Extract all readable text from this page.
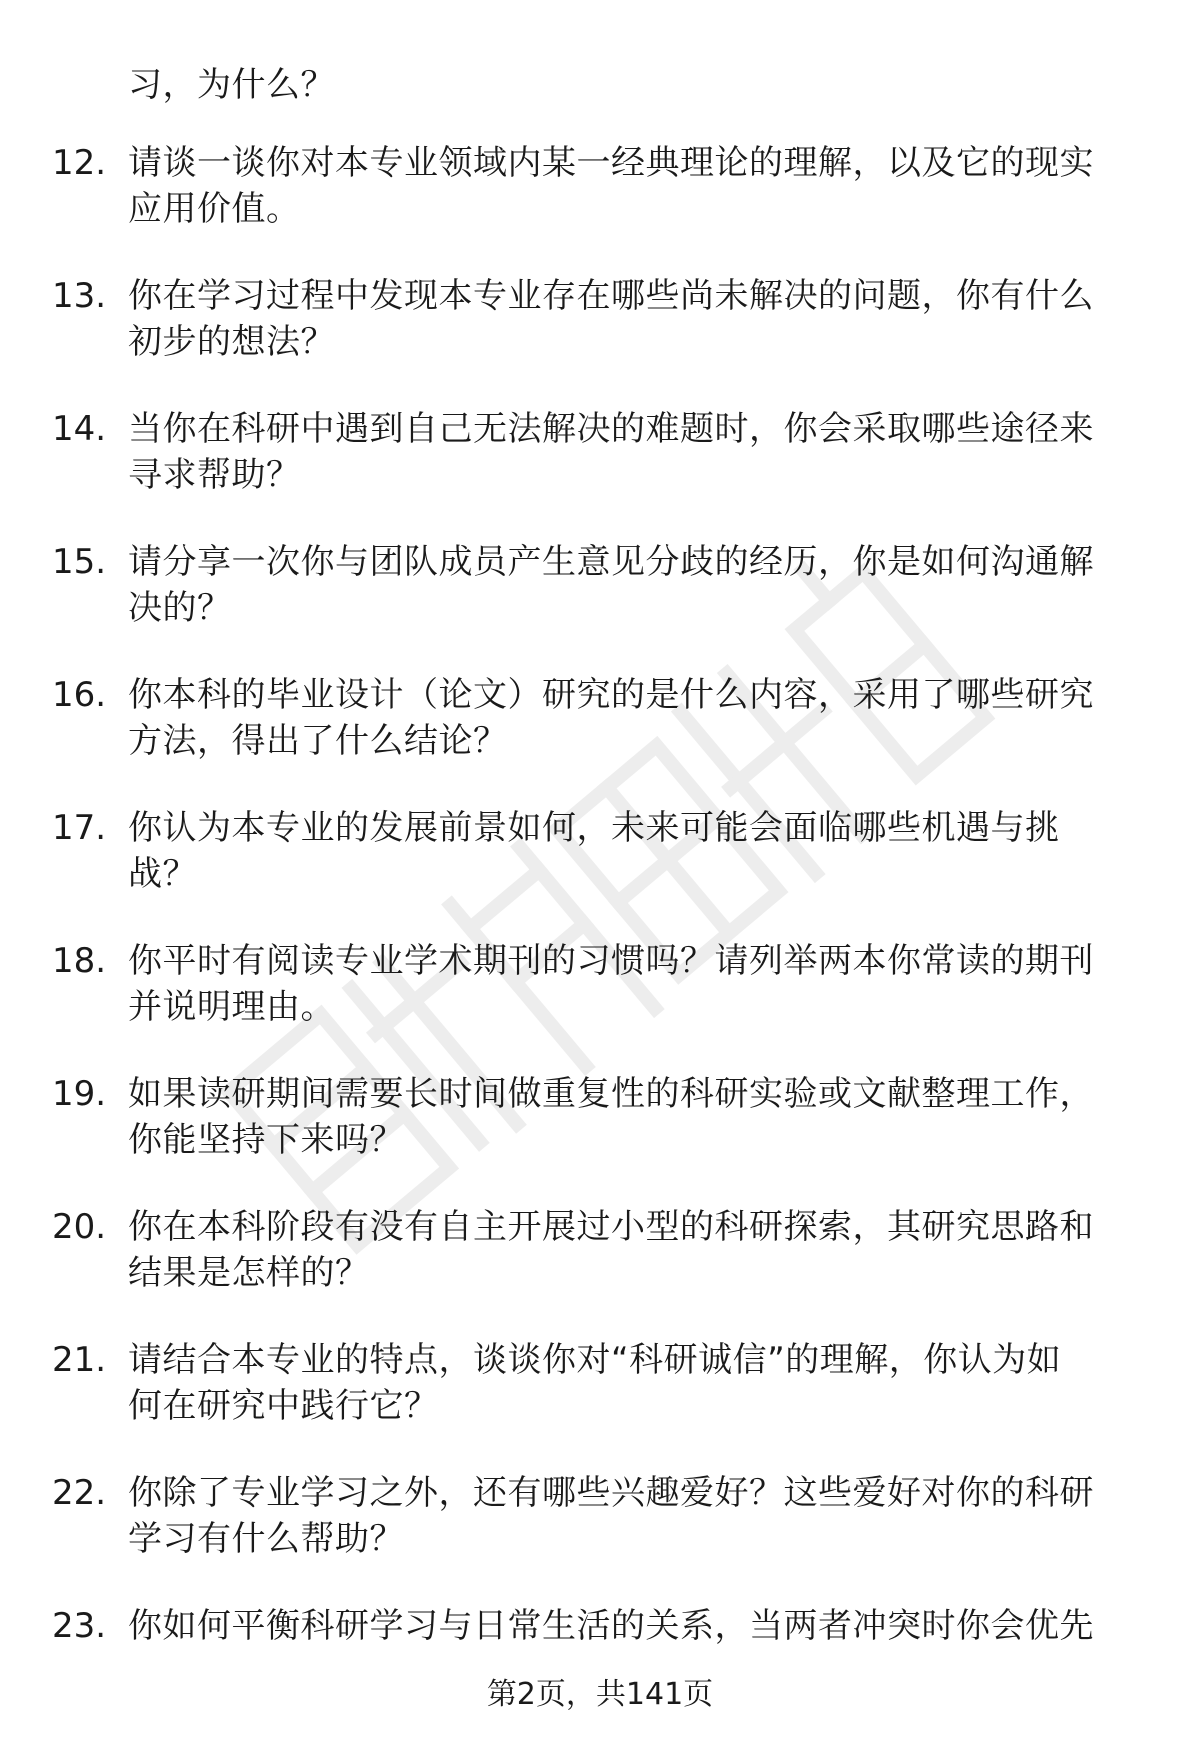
习，为什么？
12. 请谈一谈你对本专业领域内某一经典理论的理解，以及它的现实
应用价值。
13. 你在学习过程中发现本专业存在哪些尚未解决的问题，你有什么
初步的想法？
14. 当你在科研中遇到自己无法解决的难题时，你会采取哪些途径来
寻求帮助？
15. 请分享一次你与团队成员产生意见分歧的经历，你是如何沟通解
决的？
16. 你本科的毕业设计（论文）研究的是什么内容，采用了哪些研究
方法，得出了什么结论？
17. 你认为本专业的发展前景如何，未来可能会面临哪些机遇与挑
战？
18. 你平时有阅读专业学术期刊的习惯吗？请列举两本你常读的期刊
并说明理由。
19. 如果读研期间需要长时间做重复性的科研实验或文献整理工作，
你能坚持下来吗？
20. 你在本科阶段有没有自主开展过小型的科研探索，其研究思路和
结果是怎样的？
21. 请结合本专业的特点，谈谈你对“科研诚信”的理解，你认为如
何在研究中践行它？
22. 你除了专业学习之外，还有哪些兴趣爱好？这些爱好对你的科研
学习有什么帮助？
23. 你如何平衡科研学习与日常生活的关系，当两者冲突时你会优先
第2页，共141页
